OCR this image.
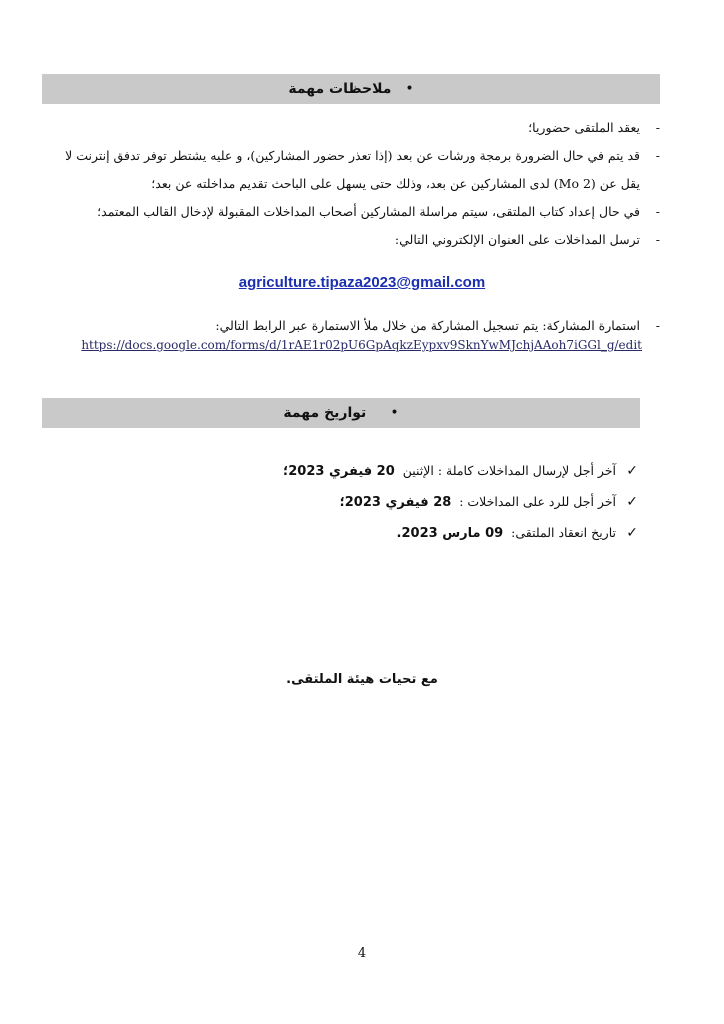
ملاحظات مهمة •
-
يعقد الملتقى حضوريا؛
-
قد يتم في حال الضرورة برمجة ورشات عن بعد (إذا تعذر حضور المشاركين)، و عليه يشتطر توفر تدفق إنترنت لا يقل عن (2 Mo) لدى المشاركين عن بعد، وذلك حتى يسهل على الباحث تقديم مداخلته عن بعد؛
-
في حال إعداد كتاب الملتقى، سيتم مراسلة المشاركين أصحاب المداخلات المقبولة لإدخال القالب المعتمد؛
-
ترسل المداخلات على العنوان الإلكتروني التالي:
agriculture.tipaza2023@gmail.com
-
استمارة المشاركة: يتم تسجيل المشاركة من خلال ملأ الاستمارة عبر الرابط التالي:
https://docs.google.com/forms/d/1rAE1r02pU6GpAqkzEypxv9SknYwMJchjAAoh7iGGl_g/edit
تواريخ مهمة •
✓
آخر أجل لإرسال المداخلات كاملة : الإثنين  20 فيفري 2023؛
✓
آخر أجل للرد على المداخلات :  28 فيفري 2023؛
✓
تاريخ انعقاد الملتقى:  09 مارس 2023.
مع تحيات هيئة الملتقى.
4
